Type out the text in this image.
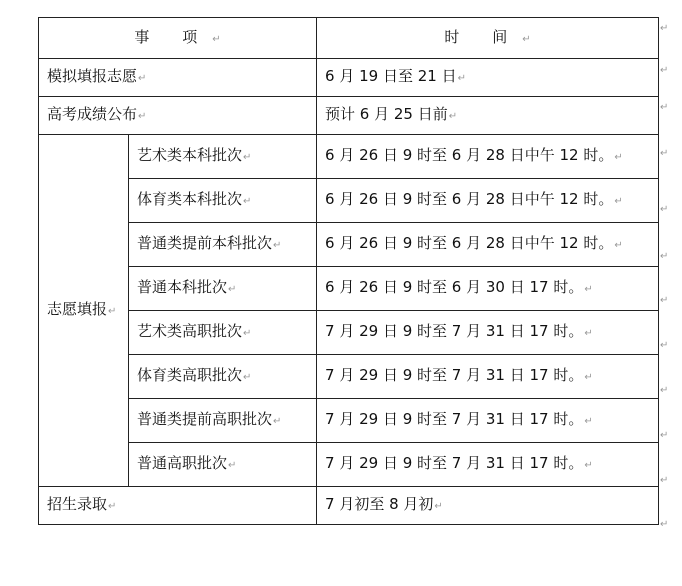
事 项↵		时 间↵
模拟填报志愿↵		6 月 19 日至 21 日↵
高考成绩公布↵		预计 6 月 25 日前↵
志愿填报↵	艺术类本科批次↵	6 月 26 日 9 时至 6 月 28 日中午 12 时。↵
	体育类本科批次↵	6 月 26 日 9 时至 6 月 28 日中午 12 时。↵
	普通类提前本科批次↵	6 月 26 日 9 时至 6 月 28 日中午 12 时。↵
	普通本科批次↵	6 月 26 日 9 时至 6 月 30 日 17 时。↵
	艺术类高职批次↵	7 月 29 日 9 时至 7 月 31 日 17 时。↵
	体育类高职批次↵	7 月 29 日 9 时至 7 月 31 日 17 时。↵
	普通类提前高职批次↵	7 月 29 日 9 时至 7 月 31 日 17 时。↵
	普通高职批次↵	7 月 29 日 9 时至 7 月 31 日 17 时。↵
招生录取↵		7 月初至 8 月初↵
↵
↵
↵
↵
↵
↵
↵
↵
↵
↵
↵
↵
